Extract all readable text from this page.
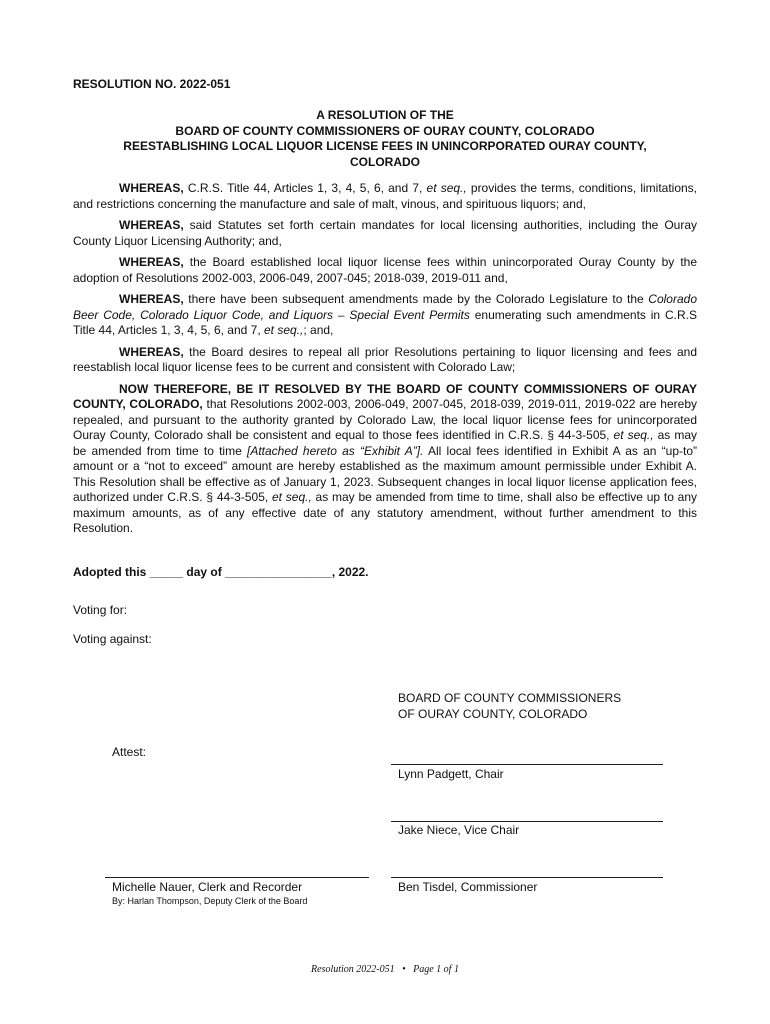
RESOLUTION NO. 2022-051
A RESOLUTION OF THE
BOARD OF COUNTY COMMISSIONERS OF OURAY COUNTY, COLORADO
REESTABLISHING LOCAL LIQUOR LICENSE FEES IN UNINCORPORATED OURAY COUNTY,
COLORADO

WHEREAS, C.R.S. Title 44, Articles 1, 3, 4, 5, 6, and 7, et seq., provides the terms, conditions, limitations, and restrictions concerning the manufacture and sale of malt, vinous, and spirituous liquors; and,

WHEREAS, said Statutes set forth certain mandates for local licensing authorities, including the Ouray County Liquor Licensing Authority; and,

WHEREAS, the Board established local liquor license fees within unincorporated Ouray County by the adoption of Resolutions 2002-003, 2006-049, 2007-045; 2018-039, 2019-011 and,

WHEREAS, there have been subsequent amendments made by the Colorado Legislature to the Colorado Beer Code, Colorado Liquor Code, and Liquors – Special Event Permits enumerating such amendments in C.R.S Title 44, Articles 1, 3, 4, 5, 6, and 7, et seq.,; and,

WHEREAS, the Board desires to repeal all prior Resolutions pertaining to liquor licensing and fees and reestablish local liquor license fees to be current and consistent with Colorado Law;

NOW THEREFORE, BE IT RESOLVED BY THE BOARD OF COUNTY COMMISSIONERS OF OURAY COUNTY, COLORADO, that Resolutions 2002-003, 2006-049, 2007-045, 2018-039, 2019-011, 2019-022 are hereby repealed, and pursuant to the authority granted by Colorado Law, the local liquor license fees for unincorporated Ouray County, Colorado shall be consistent and equal to those fees identified in C.R.S. § 44-3-505, et seq., as may be amended from time to time [Attached hereto as “Exhibit A”]. All local fees identified in Exhibit A as an “up-to” amount or a “not to exceed” amount are hereby established as the maximum amount permissible under Exhibit A. This Resolution shall be effective as of January 1, 2023. Subsequent changes in local liquor license application fees, authorized under C.R.S. § 44-3-505, et seq., as may be amended from time to time, shall also be effective up to any maximum amounts, as of any effective date of any statutory amendment, without further amendment to this Resolution.

Adopted this _____ day of ________________, 2022.
Voting for:
Voting against:
BOARD OF COUNTY COMMISSIONERS
OF OURAY COUNTY, COLORADO
Attest:
Lynn Padgett, Chair
Jake Niece, Vice Chair
Michelle Nauer, Clerk and Recorder
By: Harlan Thompson, Deputy Clerk of the Board
Ben Tisdel, Commissioner
Resolution 2022-051   •   Page 1 of 1
